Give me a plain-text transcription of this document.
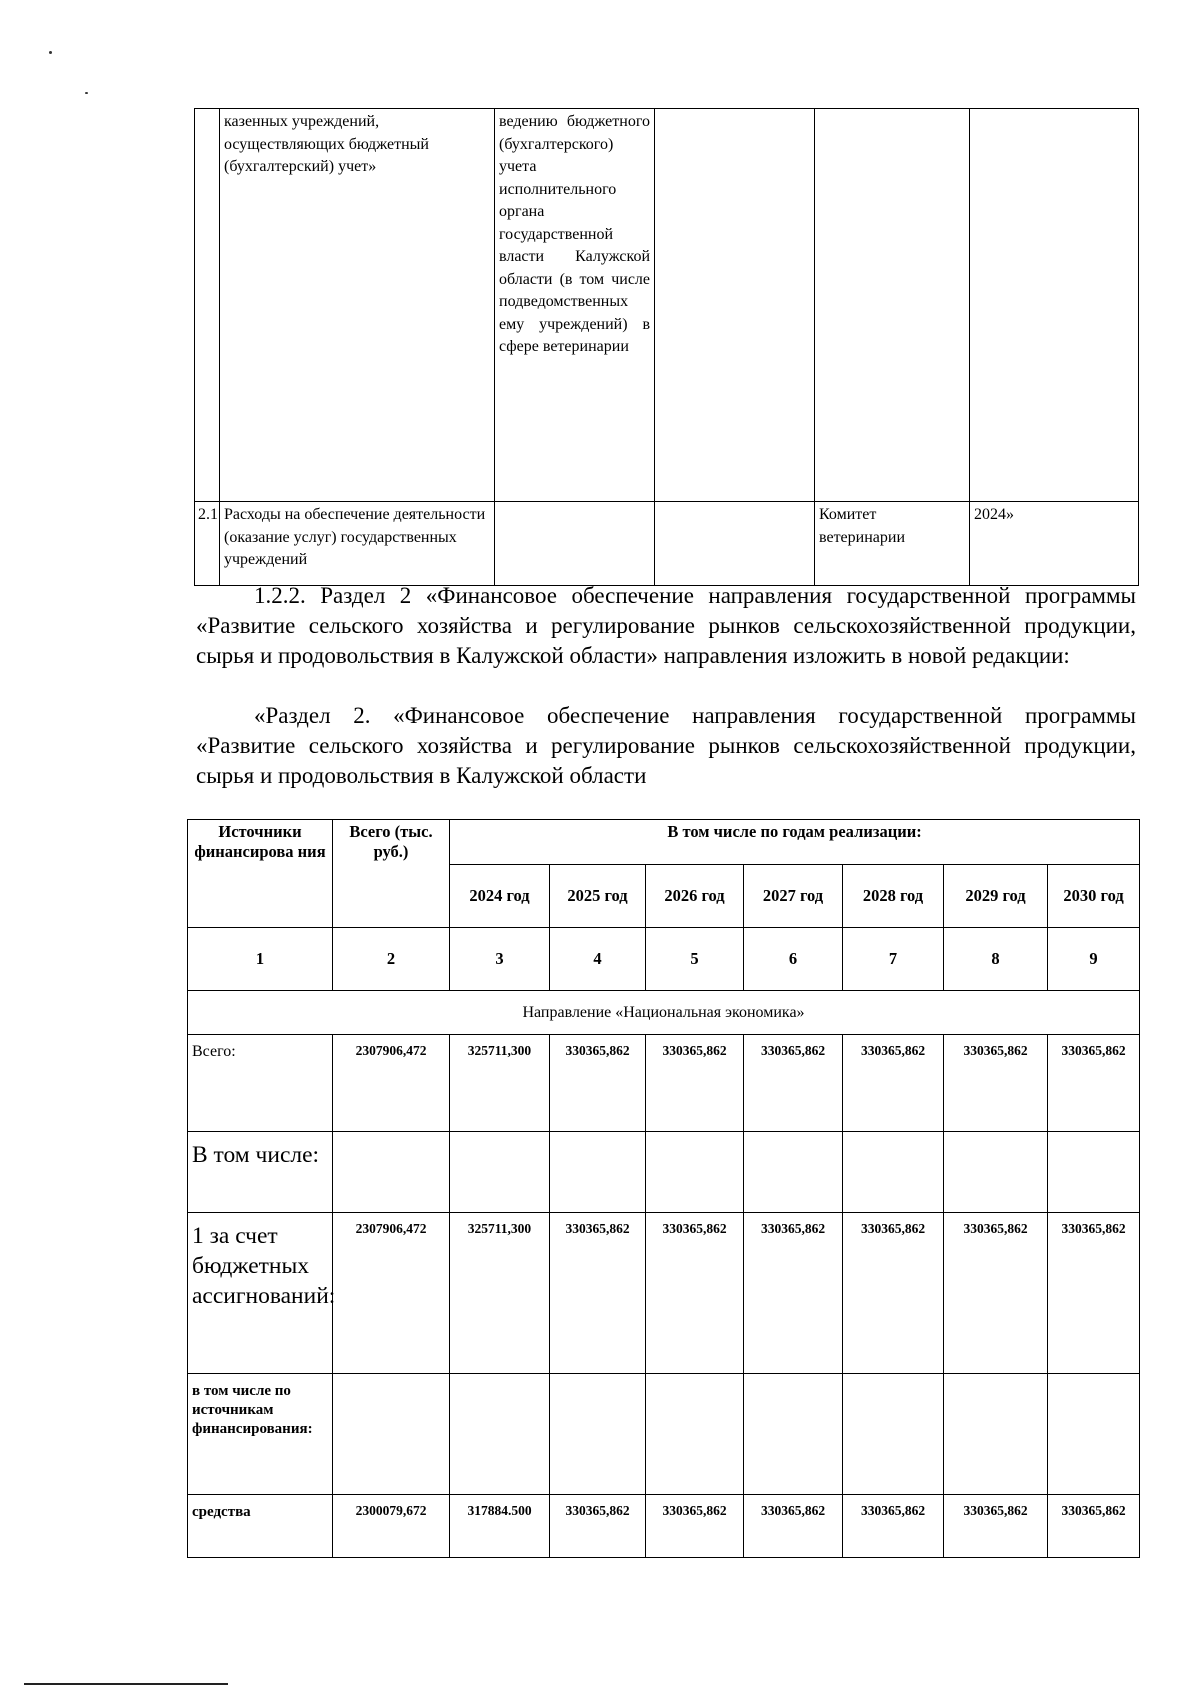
	казенных учреждений, осуществляющих бюджетный (бухгалтерский) учет»	ведению бюджетного (бухгалтерского) учета исполнительного органа государственной власти Калужской области (в том числе подведомственных ему учреждений) в сфере ветеринарии			
2.1	Расходы на обеспечение деятельности (оказание услуг) государственных учреждений			Комитет ветеринарии	2024»
1.2.2. Раздел 2 «Финансовое обеспечение направления государственной программы «Развитие сельского хозяйства и регулирование рынков сельскохозяйственной продукции, сырья и продовольствия в Калужской области» направления изложить в новой редакции:
«Раздел 2. «Финансовое обеспечение направления государственной программы «Развитие сельского хозяйства и регулирование рынков сельскохозяйственной продукции, сырья и продовольствия в Калужской области
Источники финансирова ния	Всего (тыс. руб.)	В том числе по годам реализации:						
		2024 год	2025 год	2026 год	2027 год	2028 год	2029 год	2030 год
1	2	3	4	5	6	7	8	9
Направление «Национальная экономика»								
Всего:	2307906,472	325711,300	330365,862	330365,862	330365,862	330365,862	330365,862	330365,862
В том числе:								
1 за счет бюджетных ассигнований:	2307906,472	325711,300	330365,862	330365,862	330365,862	330365,862	330365,862	330365,862
в том числе по источникам финансирования:								
средства	2300079,672	317884.500	330365,862	330365,862	330365,862	330365,862	330365,862	330365,862
